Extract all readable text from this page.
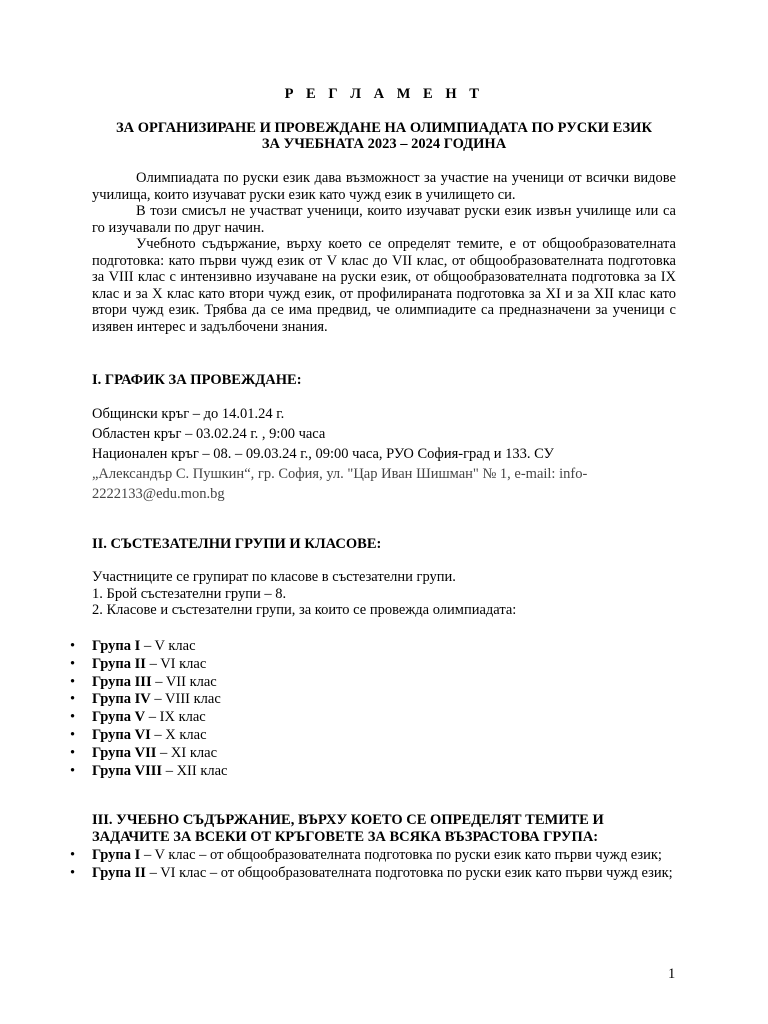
Р Е Г Л А М Е Н Т
ЗА ОРГАНИЗИРАНЕ И ПРОВЕЖДАНЕ НА ОЛИМПИАДАТА ПО РУСКИ ЕЗИК
ЗА УЧЕБНАТА 2023 – 2024 ГОДИНА

Олимпиадата по руски език дава възможност за участие на ученици от всички видове училища, които изучават руски език като чужд език в училището си.

В този смисъл не участват ученици, които изучават руски език извън училище или са го изучавали по друг начин.

Учебното съдържание, върху което се определят темите, е от общообразователната подготовка: като първи чужд език от V клас до VII клас, от общообразователната подготовка за VIII клас с интензивно изучаване на руски език, от общообразователната подготовка за IX клас и за X клас като втори чужд език, от профилираната подготовка за XI и за XII клас като втори чужд език. Трябва да се има предвид, че олимпиадите са предназначени за ученици с изявен интерес и задълбочени знания.

I. ГРАФИК ЗА ПРОВЕЖДАНЕ:
Общински кръг – до 14.01.24 г.
Областен кръг – 03.02.24 г. , 9:00 часа
Национален кръг – 08. – 09.03.24 г., 09:00 часа, РУО София-град и 133. СУ
„Александър С. Пушкин“, гр. София, ул. "Цар Иван Шишман" № 1, e-mail: info-2222133@edu.mon.bg
II. СЪСТЕЗАТЕЛНИ ГРУПИ И КЛАСОВЕ:
Участниците се групират по класове в състезателни групи.
1. Брой състезателни групи – 8.
2. Класове и състезателни групи, за които се провежда олимпиадата:
• Група I – V клас
• Група II – VI клас
• Група III – VII клас
• Група IV – VIII клас
• Група V – IX клас
• Група VI – X клас
• Група VII – XI клас
• Група VIII – XII клас
III. УЧЕБНО СЪДЪРЖАНИЕ, ВЪРХУ КОЕТО СЕ ОПРЕДЕЛЯТ ТЕМИТЕ И ЗАДАЧИТЕ ЗА ВСЕКИ ОТ КРЪГОВЕТЕ ЗА ВСЯКА ВЪЗРАСТОВА ГРУПА:
• Група I – V клас – от общообразователната подготовка по руски език като първи чужд език;
• Група II – VI клас – от общообразователната подготовка по руски език като първи чужд език;
1
